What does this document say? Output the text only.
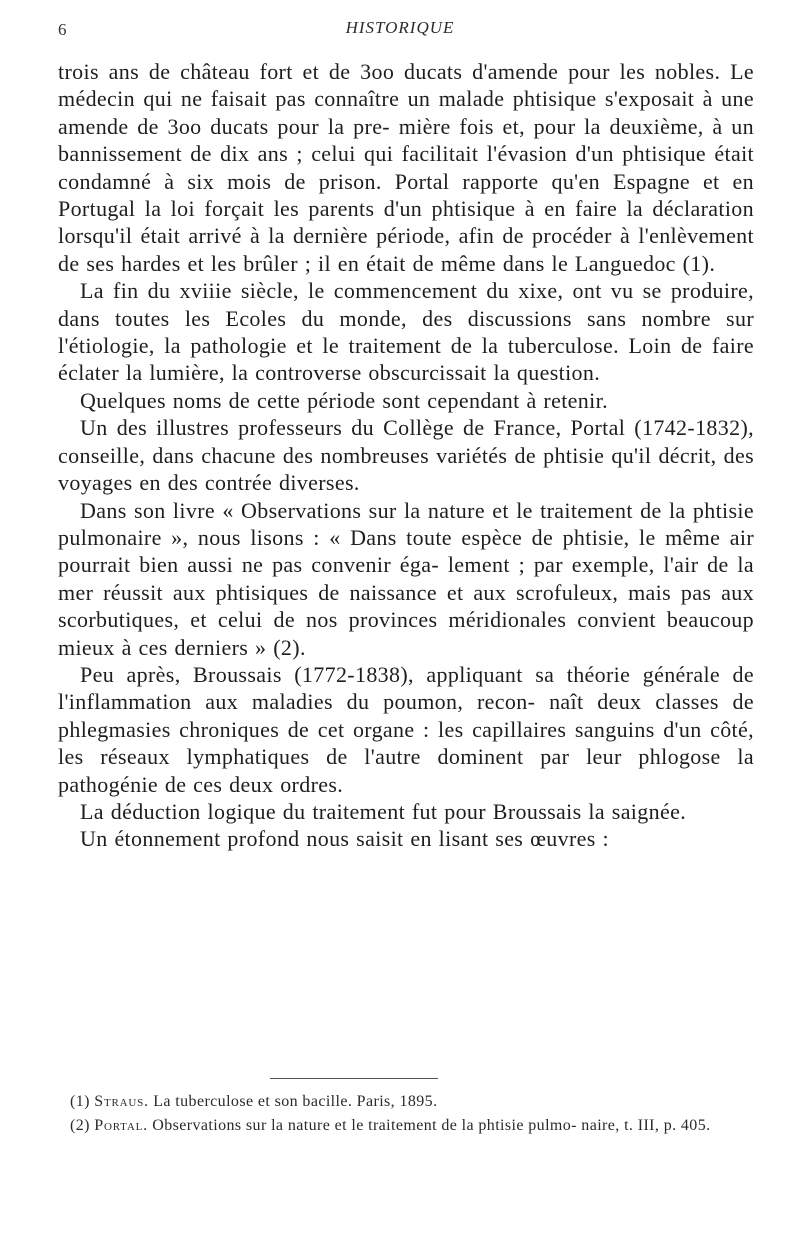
6	HISTORIQUE

trois ans de château fort et de 3oo ducats d'amende pour les nobles. Le médecin qui ne faisait pas connaître un malade phtisique s'exposait à une amende de 3oo ducats pour la pre- mière fois et, pour la deuxième, à un bannissement de dix ans ; celui qui facilitait l'évasion d'un phtisique était condamné à six mois de prison. Portal rapporte qu'en Espagne et en Portugal la loi forçait les parents d'un phtisique à en faire la déclaration lorsqu'il était arrivé à la dernière période, afin de procéder à l'enlèvement de ses hardes et les brûler ; il en était de même dans le Languedoc (1).

La fin du xviiie siècle, le commencement du xixe, ont vu se produire, dans toutes les Ecoles du monde, des discussions sans nombre sur l'étiologie, la pathologie et le traitement de la tuberculose. Loin de faire éclater la lumière, la controverse obscurcissait la question.

Quelques noms de cette période sont cependant à retenir.

Un des illustres professeurs du Collège de France, Portal (1742-1832), conseille, dans chacune des nombreuses variétés de phtisie qu'il décrit, des voyages en des contrée diverses.

Dans son livre « Observations sur la nature et le traitement de la phtisie pulmonaire », nous lisons : « Dans toute espèce de phtisie, le même air pourrait bien aussi ne pas convenir éga- lement ; par exemple, l'air de la mer réussit aux phtisiques de naissance et aux scrofuleux, mais pas aux scorbutiques, et celui de nos provinces méridionales convient beaucoup mieux à ces derniers » (2).

Peu après, Broussais (1772-1838), appliquant sa théorie générale de l'inflammation aux maladies du poumon, recon- naît deux classes de phlegmasies chroniques de cet organe : les capillaires sanguins d'un côté, les réseaux lymphatiques de l'autre dominent par leur phlogose la pathogénie de ces deux ordres.

La déduction logique du traitement fut pour Broussais la saignée.

Un étonnement profond nous saisit en lisant ses œuvres :

(1) Straus. La tuberculose et son bacille. Paris, 1895.

(2) Portal. Observations sur la nature et le traitement de la phtisie pulmo- naire, t. III, p. 405.
